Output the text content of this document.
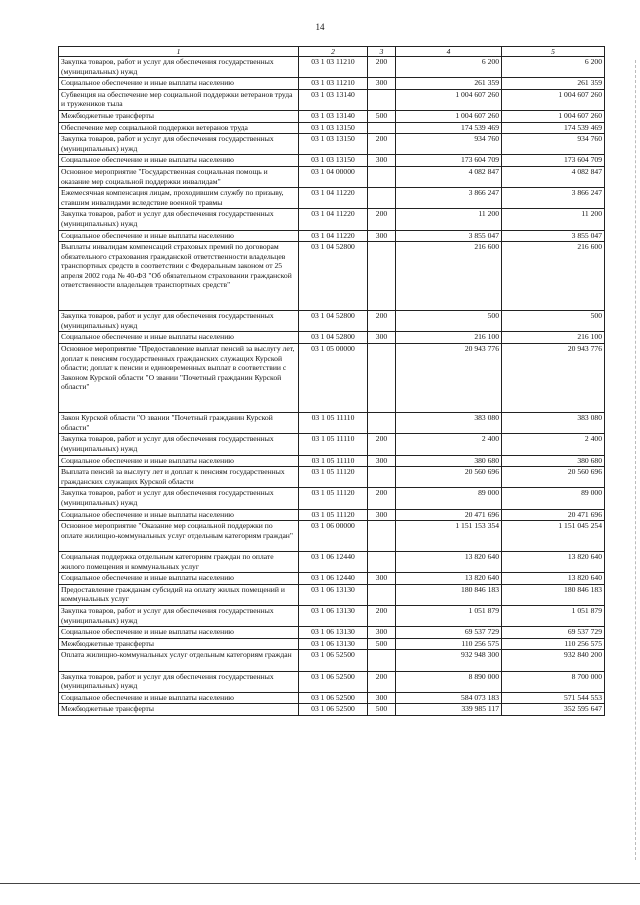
14
1	2	3	4	5
Закупка товаров, работ и услуг для обеспечения государственных (муниципальных) нужд	03 1 03 11210	200	6 200	6 200
Социальное обеспечение и иные выплаты населению	03 1 03 11210	300	261 359	261 359
Субвенция на обеспечение мер социальной поддержки ветеранов труда и тружеников тыла	03 1 03 13140		1 004 607 260	1 004 607 260
Межбюджетные трансферты	03 1 03 13140	500	1 004 607 260	1 004 607 260
Обеспечение мер социальной поддержки ветеранов труда	03 1 03 13150		174 539 469	174 539 469
Закупка товаров, работ и услуг для обеспечения государственных (муниципальных) нужд	03 1 03 13150	200	934 760	934 760
Социальное обеспечение и иные выплаты населению	03 1 03 13150	300	173 604 709	173 604 709
Основное мероприятие "Государственная социальная помощь и оказание мер социальной поддержки инвалидам"	03 1 04 00000		4 082 847	4 082 847
Ежемесячная компенсация лицам, проходившим службу по призыву, ставшим инвалидами вследствие военной травмы	03 1 04 11220		3 866 247	3 866 247
Закупка товаров, работ и услуг для обеспечения государственных (муниципальных) нужд	03 1 04 11220	200	11 200	11 200
Социальное обеспечение и иные выплаты населению	03 1 04 11220	300	3 855 047	3 855 047
Выплаты инвалидам компенсаций страховых премий по договорам обязательного страхования гражданской ответственности владельцев транспортных средств в соответствии с Федеральным законом от 25 апреля 2002 года № 40-ФЗ "Об обязательном страховании гражданской ответственности владельцев транспортных средств"	03 1 04 52800		216 600	216 600
Закупка товаров, работ и услуг для обеспечения государственных (муниципальных) нужд	03 1 04 52800	200	500	500
Социальное обеспечение и иные выплаты населению	03 1 04 52800	300	216 100	216 100
Основное мероприятие "Предоставление выплат пенсий за выслугу лет, доплат к пенсиям государственных гражданских служащих Курской области; доплат к пенсии и единовременных выплат в соответствии с Законом Курской области "О звании "Почетный гражданин Курской области"	03 1 05 00000		20 943 776	20 943 776
Закон Курской области "О звании "Почетный гражданин Курской области"	03 1 05 11110		383 080	383 080
Закупка товаров, работ и услуг для обеспечения государственных (муниципальных) нужд	03 1 05 11110	200	2 400	2 400
Социальное обеспечение и иные выплаты населению	03 1 05 11110	300	380 680	380 680
Выплата пенсий за выслугу лет и доплат к пенсиям государственных гражданских служащих Курской области	03 1 05 11120		20 560 696	20 560 696
Закупка товаров, работ и услуг для обеспечения государственных (муниципальных) нужд	03 1 05 11120	200	89 000	89 000
Социальное обеспечение и иные выплаты населению	03 1 05 11120	300	20 471 696	20 471 696
Основное мероприятие "Оказание мер социальной поддержки по оплате жилищно-коммунальных услуг отдельным категориям граждан"	03 1 06 00000		1 151 153 354	1 151 045 254
Социальная поддержка отдельным категориям граждан по оплате жилого помещения и коммунальных услуг	03 1 06 12440		13 820 640	13 820 640
Социальное обеспечение и иные выплаты населению	03 1 06 12440	300	13 820 640	13 820 640
Предоставление гражданам субсидий на оплату жилых помещений и коммунальных услуг	03 1 06 13130		180 846 183	180 846 183
Закупка товаров, работ и услуг для обеспечения государственных (муниципальных) нужд	03 1 06 13130	200	1 051 879	1 051 879
Социальное обеспечение и иные выплаты населению	03 1 06 13130	300	69 537 729	69 537 729
Межбюджетные трансферты	03 1 06 13130	500	110 256 575	110 256 575
Оплата жилищно-коммунальных услуг отдельным категориям граждан	03 1 06 52500		932 948 300	932 840 200
Закупка товаров, работ и услуг для обеспечения государственных (муниципальных) нужд	03 1 06 52500	200	8 890 000	8 700 000
Социальное обеспечение и иные выплаты населению	03 1 06 52500	300	584 073 183	571 544 553
Межбюджетные трансферты	03 1 06 52500	500	339 985 117	352 595 647
